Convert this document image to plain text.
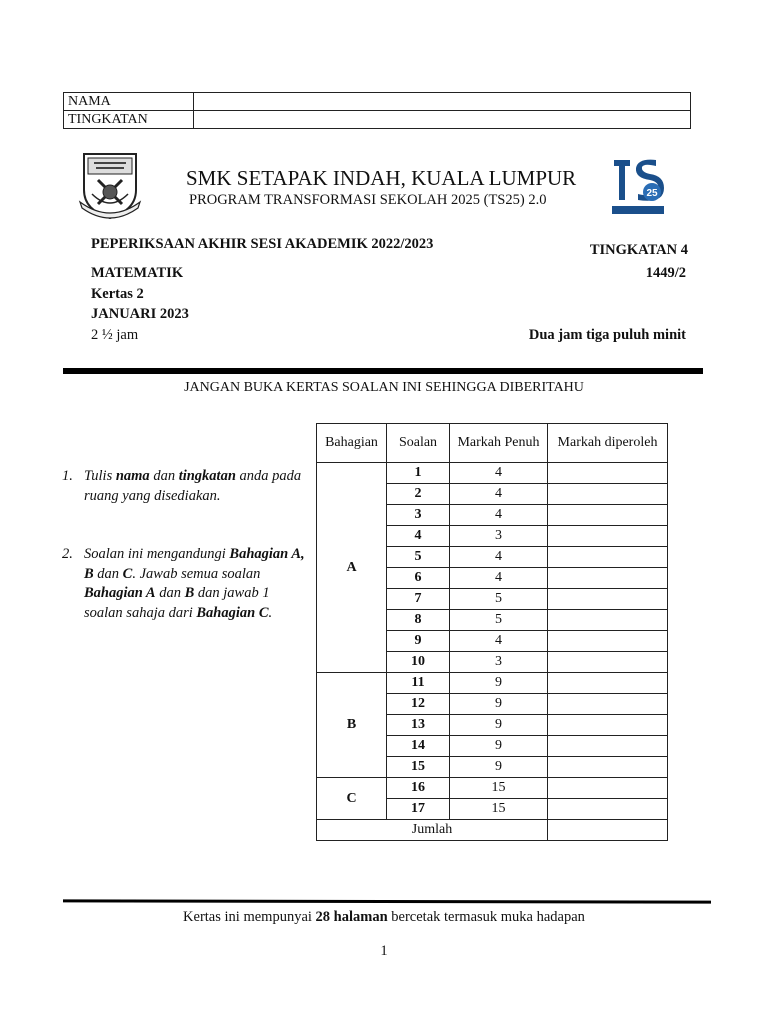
NAMA	
TINGKATAN	
SMK SETAPAK INDAH, KUALA LUMPUR
PROGRAM TRANSFORMASI SEKOLAH 2025 (TS25) 2.0	25
PEPERIKSAAN AKHIR SESI AKADEMIK 2022/2023	TINGKATAN 4
MATEMATIK	1449/2
Kertas 2
JANUARI 2023
2 ½ jam	Dua jam tiga puluh minit
JANGAN BUKA KERTAS SOALAN INI SEHINGGA DIBERITAHU
1. Tulis nama dan tingkatan anda pada ruang yang disediakan.
2. Soalan ini mengandungi Bahagian A, B dan C. Jawab semua soalan Bahagian A dan B dan jawab 1 soalan sahaja dari Bahagian C.
Bahagian	Soalan	Markah Penuh	Markah diperoleh
A	1	4	
	2	4	
	3	4	
	4	3	
	5	4	
	6	4	
	7	5	
	8	5	
	9	4	
	10	3	
B	11	9	
	12	9	
	13	9	
	14	9	
	15	9	
C	16	15	
	17	15	
Jumlah			
Kertas ini mempunyai 28 halaman bercetak termasuk muka hadapan
1
